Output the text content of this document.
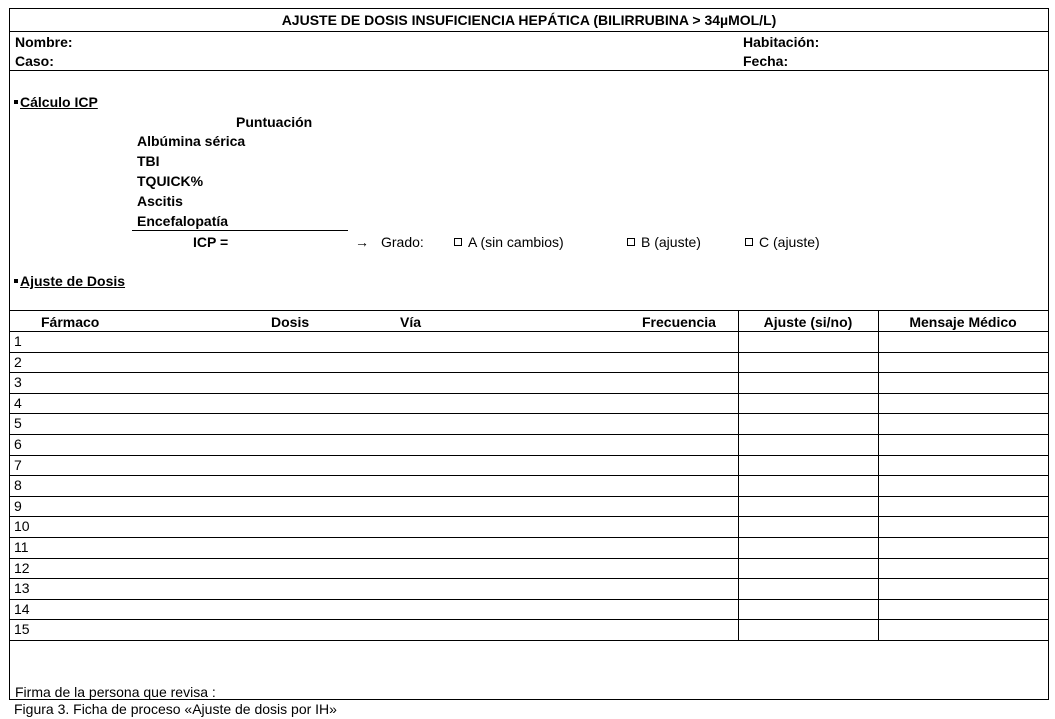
AJUSTE DE DOSIS INSUFICIENCIA HEPÁTICA (BILIRRUBINA > 34µMOL/L)
Nombre:
Caso:
Habitación:
Fecha:
Cálculo ICP
Puntuación
Albúmina sérica
TBI
TQUICK%
Ascitis
Encefalopatía
ICP =	→ Grado:	A (sin cambios)	B (ajuste)	C (ajuste)
Ajuste de Dosis
Fármaco	Dosis	Vía	Frecuencia	Ajuste (si/no)	Mensaje Médico
1
2
3
4
5
6
7
8
9
10
11
12
13
14
15
Firma de la persona que revisa :
Figura 3. Ficha de proceso «Ajuste de dosis por IH»
